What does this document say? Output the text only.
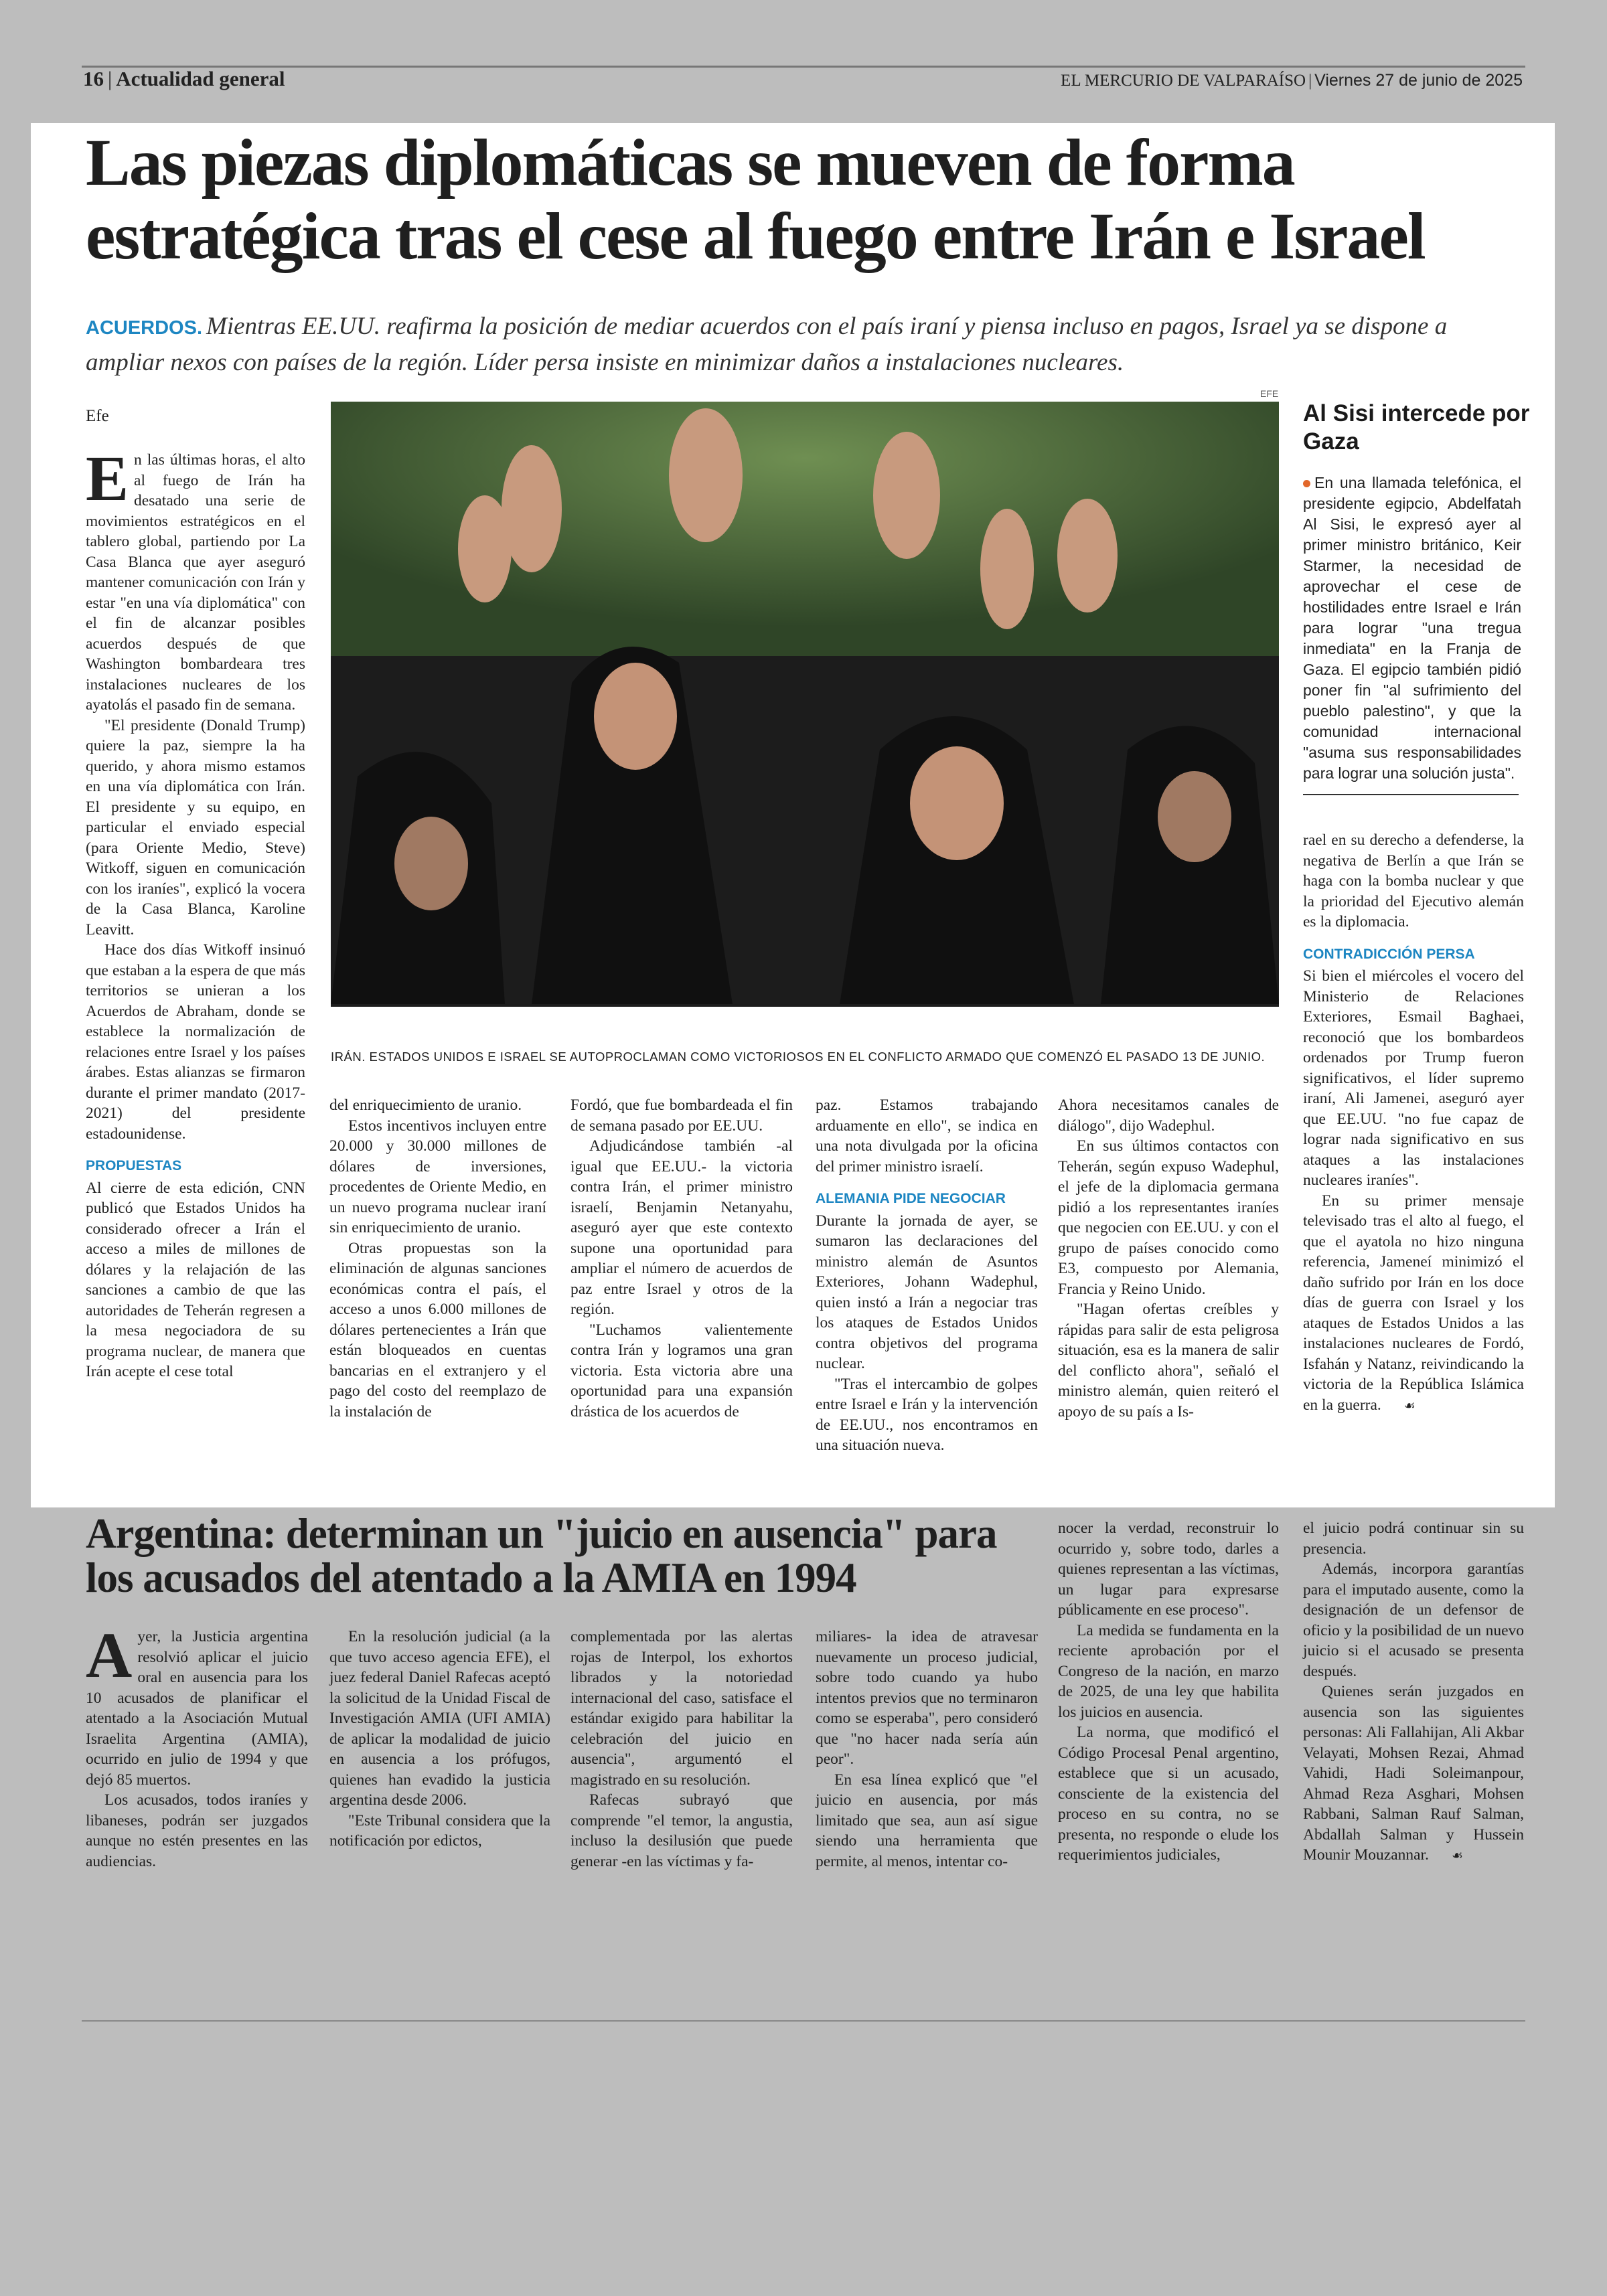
16 | Actualidad general	EL MERCURIO DE VALPARAÍSO | Viernes 27 de junio de 2025
Las piezas diplomáticas se mueven de forma estratégica tras el cese al fuego entre Irán e Israel
ACUERDOS. Mientras EE.UU. reafirma la posición de mediar acuerdos con el país iraní y piensa incluso en pagos, Israel ya se dispone a ampliar nexos con países de la región. Líder persa insiste en minimizar daños a instalaciones nucleares.
Efe

En las últimas horas, el alto al fuego de Irán ha desatado una serie de movimientos estratégicos en el tablero global, partiendo por La Casa Blanca que ayer aseguró mantener comunicación con Irán y estar "en una vía diplomática" con el fin de alcanzar posibles acuerdos después de que Washington bombardeara tres instalaciones nucleares de los ayatolás el pasado fin de semana.

"El presidente (Donald Trump) quiere la paz, siempre la ha querido, y ahora mismo estamos en una vía diplomática con Irán. El presidente y su equipo, en particular el enviado especial (para Oriente Medio, Steve) Witkoff, siguen en comunicación con los iraníes", explicó la vocera de la Casa Blanca, Karoline Leavitt.

Hace dos días Witkoff insinuó que estaban a la espera de que más territorios se unieran a los Acuerdos de Abraham, donde se establece la normalización de relaciones entre Israel y los países árabes. Estas alianzas se firmaron durante el primer mandato (2017-2021) del presidente estadounidense.

PROPUESTAS

Al cierre de esta edición, CNN publicó que Estados Unidos ha considerado ofrecer a Irán el acceso a miles de millones de dólares y la relajación de las sanciones a cambio de que las autoridades de Teherán regresen a la mesa negociadora de su programa nuclear, de manera que Irán acepte el cese total

EFE
IRÁN. ESTADOS UNIDOS E ISRAEL SE AUTOPROCLAMAN COMO VICTORIOSOS EN EL CONFLICTO ARMADO QUE COMENZÓ EL PASADO 13 DE JUNIO.
Al Sisi intercede por Gaza
En una llamada telefónica, el presidente egipcio, Abdelfatah Al Sisi, le expresó ayer al primer ministro británico, Keir Starmer, la necesidad de aprovechar el cese de hostilidades entre Israel e Irán para lograr "una tregua inmediata" en la Franja de Gaza. El egipcio también pidió poner fin "al sufrimiento del pueblo palestino", y que la comunidad internacional "asuma sus responsabilidades para lograr una solución justa".

del enriquecimiento de uranio.

Estos incentivos incluyen entre 20.000 y 30.000 millones de dólares de inversiones, procedentes de Oriente Medio, en un nuevo programa nuclear iraní sin enriquecimiento de uranio.

Otras propuestas son la eliminación de algunas sanciones económicas contra el país, el acceso a unos 6.000 millones de dólares pertenecientes a Irán que están bloqueados en cuentas bancarias en el extranjero y el pago del costo del reemplazo de la instalación de

Fordó, que fue bombardeada el fin de semana pasado por EE.UU.

Adjudicándose también -al igual que EE.UU.- la victoria contra Irán, el primer ministro israelí, Benjamin Netanyahu, aseguró ayer que este contexto supone una oportunidad para ampliar el número de acuerdos de paz entre Israel y otros de la región.

"Luchamos valientemente contra Irán y logramos una gran victoria. Esta victoria abre una oportunidad para una expansión drástica de los acuerdos de

paz. Estamos trabajando arduamente en ello", se indica en una nota divulgada por la oficina del primer ministro israelí.

ALEMANIA PIDE NEGOCIAR

Durante la jornada de ayer, se sumaron las declaraciones del ministro alemán de Asuntos Exteriores, Johann Wadephul, quien instó a Irán a negociar tras los ataques de Estados Unidos contra objetivos del programa nuclear.

"Tras el intercambio de golpes entre Israel e Irán y la intervención de EE.UU., nos encontramos en una situación nueva.

Ahora necesitamos canales de diálogo", dijo Wadephul.

En sus últimos contactos con Teherán, según expuso Wadephul, el jefe de la diplomacia germana pidió a los representantes iraníes que negocien con EE.UU. y con el grupo de países conocido como E3, compuesto por Alemania, Francia y Reino Unido.

"Hagan ofertas creíbles y rápidas para salir de esta peligrosa situación, esa es la manera de salir del conflicto ahora", señaló el ministro alemán, quien reiteró el apoyo de su país a Is-

rael en su derecho a defenderse, la negativa de Berlín a que Irán se haga con la bomba nuclear y que la prioridad del Ejecutivo alemán es la diplomacia.

CONTRADICCIÓN PERSA

Si bien el miércoles el vocero del Ministerio de Relaciones Exteriores, Esmail Baghaei, reconoció que los bombardeos ordenados por Trump fueron significativos, el líder supremo iraní, Ali Jamenei, aseguró ayer que EE.UU. "no fue capaz de lograr nada significativo en sus ataques a las instalaciones nucleares iraníes".

En su primer mensaje televisado tras el alto al fuego, el que el ayatola no hizo ninguna referencia, Jameneí minimizó el daño sufrido por Irán en los doce días de guerra con Israel y los ataques de Estados Unidos a las instalaciones nucleares de Fordó, Isfahán y Natanz, reivindicando la victoria de la República Islámica en la guerra. ☙

Argentina: determinan un "juicio en ausencia" para los acusados del atentado a la AMIA en 1994

Ayer, la Justicia argentina resolvió aplicar el juicio oral en ausencia para los 10 acusados de planificar el atentado a la Asociación Mutual Israelita Argentina (AMIA), ocurrido en julio de 1994 y que dejó 85 muertos.

Los acusados, todos iraníes y libaneses, podrán ser juzgados aunque no estén presentes en las audiencias.

En la resolución judicial (a la que tuvo acceso agencia EFE), el juez federal Daniel Rafecas aceptó la solicitud de la Unidad Fiscal de Investigación AMIA (UFI AMIA) de aplicar la modalidad de juicio en ausencia a los prófugos, quienes han evadido la justicia argentina desde 2006.

"Este Tribunal considera que la notificación por edictos,

complementada por las alertas rojas de Interpol, los exhortos librados y la notoriedad internacional del caso, satisface el estándar exigido para habilitar la celebración del juicio en ausencia", argumentó el magistrado en su resolución.

Rafecas subrayó que comprende "el temor, la angustia, incluso la desilusión que puede generar -en las víctimas y fa-

miliares- la idea de atravesar nuevamente un proceso judicial, sobre todo cuando ya hubo intentos previos que no terminaron como se esperaba", pero consideró que "no hacer nada sería aún peor".

En esa línea explicó que "el juicio en ausencia, por más limitado que sea, aun así sigue siendo una herramienta que permite, al menos, intentar co-

nocer la verdad, reconstruir lo ocurrido y, sobre todo, darles a quienes representan a las víctimas, un lugar para expresarse públicamente en ese proceso".

La medida se fundamenta en la reciente aprobación por el Congreso de la nación, en marzo de 2025, de una ley que habilita los juicios en ausencia.

La norma, que modificó el Código Procesal Penal argentino, establece que si un acusado, consciente de la existencia del proceso en su contra, no se presenta, no responde o elude los requerimientos judiciales,

el juicio podrá continuar sin su presencia.

Además, incorpora garantías para el imputado ausente, como la designación de un defensor de oficio y la posibilidad de un nuevo juicio si el acusado se presenta después.

Quienes serán juzgados en ausencia son las siguientes personas: Ali Fallahijan, Ali Akbar Velayati, Mohsen Rezai, Ahmad Vahidi, Hadi Soleimanpour, Ahmad Reza Asghari, Mohsen Rabbani, Salman Rauf Salman, Abdallah Salman y Hussein Mounir Mouzannar. ☙
